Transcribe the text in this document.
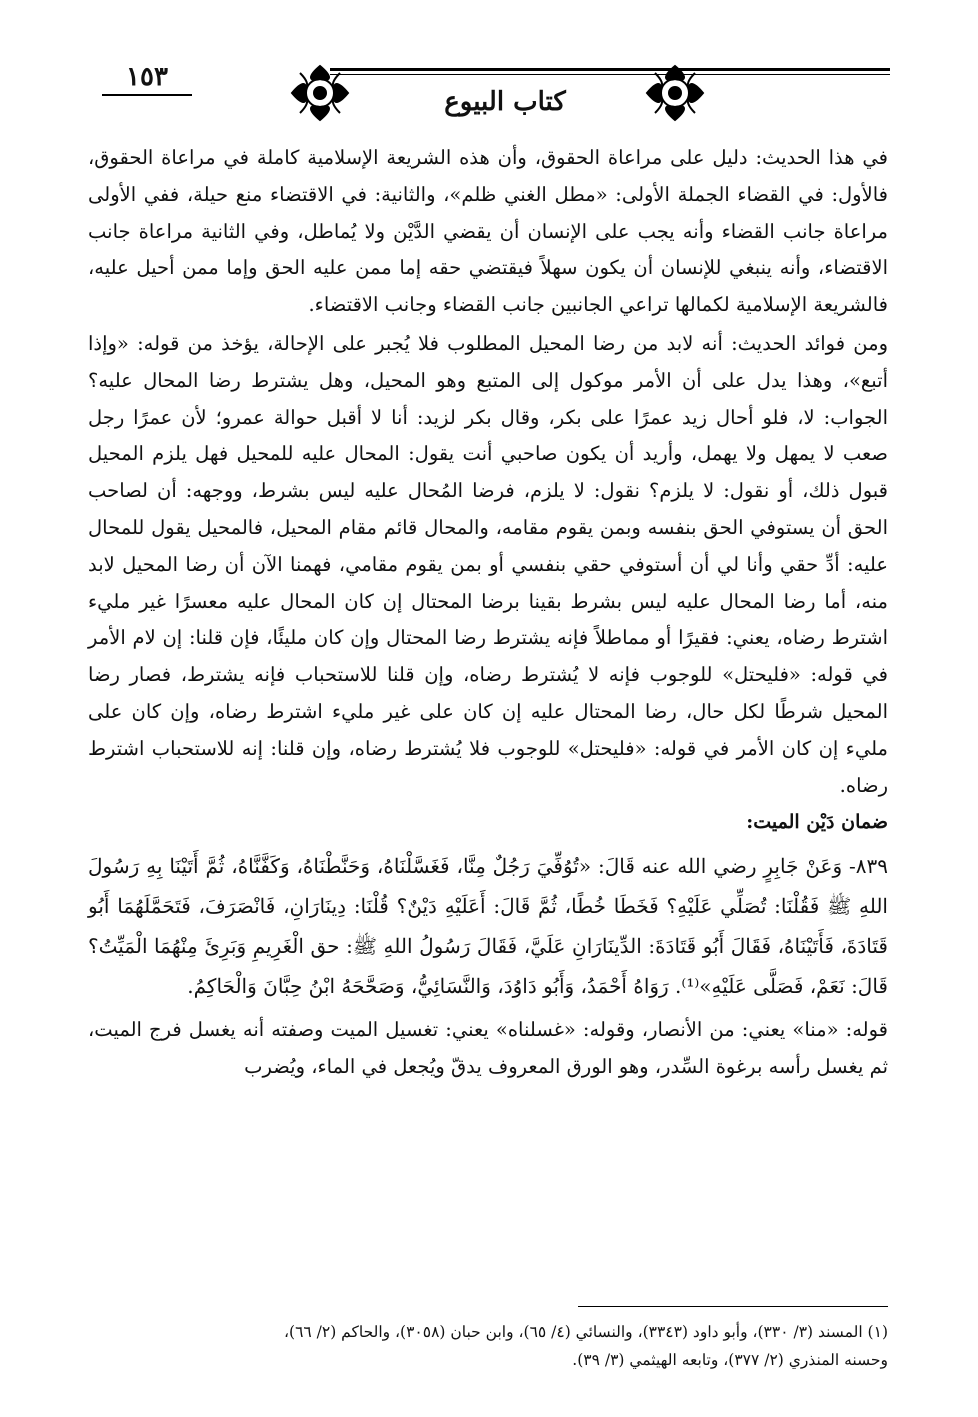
١٥٣
كتاب البيوع

في هذا الحديث: دليل على مراعاة الحقوق، وأن هذه الشريعة الإسلامية كاملة في مراعاة الحقوق، فالأول: في القضاء الجملة الأولى: «مطل الغني ظلم»، والثانية: في الاقتضاء منع حيلة، ففي الأولى مراعاة جانب القضاء وأنه يجب على الإنسان أن يقضي الدَّيْن ولا يُماطل، وفي الثانية مراعاة جانب الاقتضاء، وأنه ينبغي للإنسان أن يكون سهلاً فيقتضي حقه إما ممن عليه الحق وإما ممن أحيل عليه، فالشريعة الإسلامية لكمالها تراعي الجانبين جانب القضاء وجانب الاقتضاء.

ومن فوائد الحديث: أنه لابد من رضا المحيل المطلوب فلا يُجبر على الإحالة، يؤخذ من قوله: «وإذا أتبع»، وهذا يدل على أن الأمر موكول إلى المتبع وهو المحيل، وهل يشترط رضا المحال عليه؟ الجواب: لا، فلو أحال زيد عمرًا على بكر، وقال بكر لزيد: أنا لا أقبل حوالة عمرو؛ لأن عمرًا رجل صعب لا يمهل ولا يهمل، وأريد أن يكون صاحبي أنت يقول: المحال عليه للمحيل فهل يلزم المحيل قبول ذلك، أو نقول: لا يلزم؟ نقول: لا يلزم، فرضا المُحال عليه ليس بشرط، ووجهه: أن لصاحب الحق أن يستوفي الحق بنفسه وبمن يقوم مقامه، والمحال قائم مقام المحيل، فالمحيل يقول للمحال عليه: أدِّ حقي وأنا لي أن أستوفي حقي بنفسي أو بمن يقوم مقامي، فهمنا الآن أن رضا المحيل لابد منه، أما رضا المحال عليه ليس بشرط بقينا برضا المحتال إن كان المحال عليه معسرًا غير مليء اشترط رضاه، يعني: فقيرًا أو مماطلاً فإنه يشترط رضا المحتال وإن كان مليئًا، فإن قلنا: إن لام الأمر في قوله: «فليحتل» للوجوب فإنه لا يُشترط رضاه، وإن قلنا للاستحباب فإنه يشترط، فصار رضا المحيل شرطًا لكل حال، رضا المحتال عليه إن كان على غير مليء اشترط رضاه، وإن كان على مليء إن كان الأمر في قوله: «فليحتل» للوجوب فلا يُشترط رضاه، وإن قلنا: إنه للاستحباب اشترط رضاه.

ضمان دَيْن الميت:

٨٣٩- وَعَنْ جَابِرٍ رضي الله عنه قَالَ: «تُوُفِّيَ رَجُلٌ مِنَّا، فَغَسَّلْنَاهُ، وَحَنَّطْنَاهُ، وَكَفَّنَّاهُ، ثُمَّ أَتَيْنَا بِهِ رَسُولَ اللهِ ﷺ فَقُلْنَا: تُصَلِّي عَلَيْهِ؟ فَخَطَا خُطًا، ثُمَّ قَالَ: أَعَلَيْهِ دَيْنٌ؟ قُلْنَا: دِينَارَانِ، فَانْصَرَفَ، فَتَحَمَّلَهُمَا أَبُو قَتَادَةَ، فَأَتَيْنَاهُ، فَقَالَ أَبُو قَتَادَةَ: الدِّينَارَانِ عَلَيَّ، فَقَالَ رَسُولُ اللهِ ﷺ: حق الْغَرِيمِ وَبَرِئَ مِنْهُمَا الْمَيِّتُ؟ قَالَ: نَعَمْ، فَصَلَّى عَلَيْهِ»⁽¹⁾. رَوَاهُ أَحْمَدُ، وَأَبُو دَاوُدَ، وَالنَّسَائِيُّ، وَصَحَّحَهُ ابْنُ حِبَّانَ وَالْحَاكِمُ.

قوله: «منا» يعني: من الأنصار، وقوله: «غسلناه» يعني: تغسيل الميت وصفته أنه يغسل فرج الميت، ثم يغسل رأسه برغوة السِّدر، وهو الورق المعروف يدقّ ويُجعل في الماء، ويُضرب

(١) المسند (٣/ ٣٣٠)، وأبو داود (٣٣٤٣)، والنسائي (٤/ ٦٥)، وابن حبان (٣٠٥٨)، والحاكم (٢/ ٦٦)،

وحسنه المنذري (٢/ ٣٧٧)، وتابعه الهيثمي (٣/ ٣٩).
